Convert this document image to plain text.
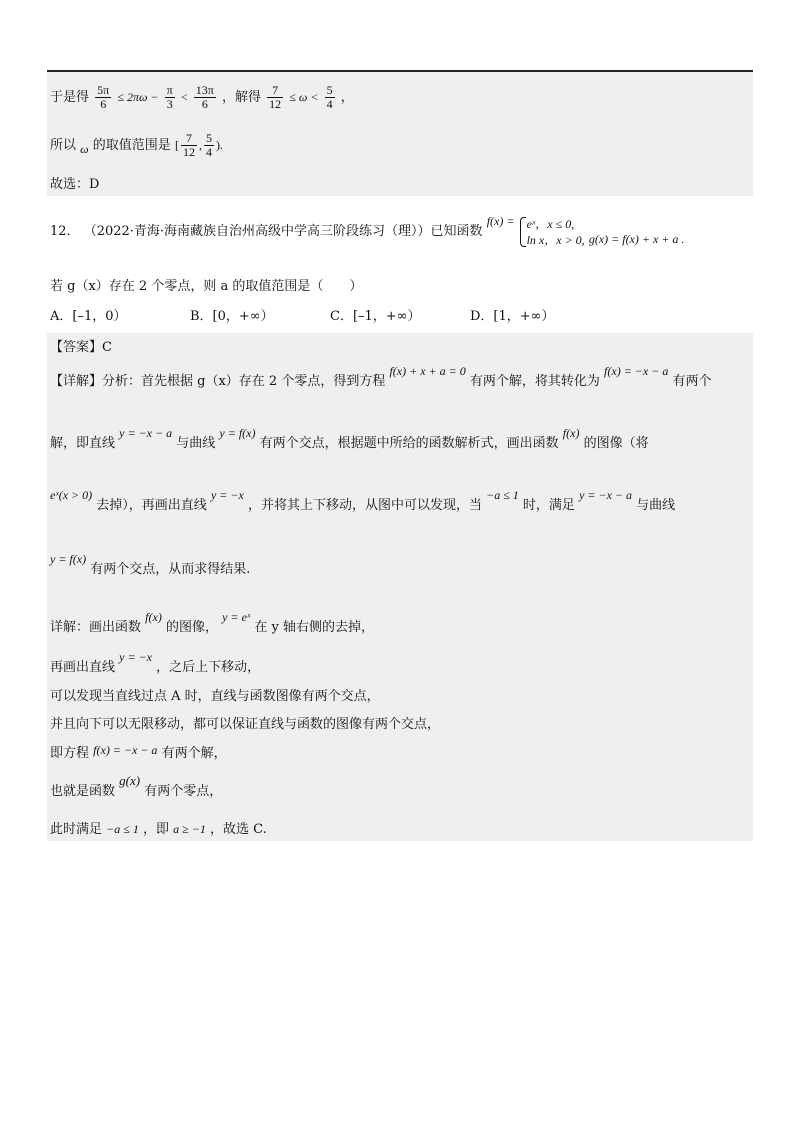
于是得 $\frac{5\pi}{6} \le 2\pi\omega - \frac{\pi}{3} < \frac{13\pi}{6}$ ，解得 $\frac{7}{12} \le \omega < \frac{5}{4}$ ，
所以 ω 的取值范围是 [ $\frac{7}{12}$ , $\frac{5}{4}$ ).
故选：D
12． （2022·青海·海南藏族自治州高级中学高三阶段练习（理））已知函数 f(x) = eˣ，x ≤ 0,
ln x，x > 0, g(x) = f(x) + x + a .
若 g（x）存在 2 个零点，则 a 的取值范围是（　　）
A．[–1，0）	B．[0，+∞）	C．[–1，+∞）	D．[1，+∞）
【答案】C
【详解】分析：首先根据 g（x）存在 2 个零点，得到方程 f(x) + x + a = 0 有两个解，将其转化为 f(x) = −x − a 有两个
解，即直线 y = −x − a 与曲线 y = f(x) 有两个交点，根据题中所给的函数解析式，画出函数 f(x) 的图像（将
eˣ(x > 0) 去掉），再画出直线 y = −x ，并将其上下移动，从图中可以发现，当 −a ≤ 1 时，满足 y = −x − a 与曲线
y = f(x) 有两个交点，从而求得结果.
详解：画出函数 f(x) 的图像， y = eˣ 在 y 轴右侧的去掉，
再画出直线 y = −x ，之后上下移动，
可以发现当直线过点 A 时，直线与函数图像有两个交点，
并且向下可以无限移动，都可以保证直线与函数的图像有两个交点，
即方程 f(x) = −x − a 有两个解，
也就是函数 g(x) 有两个零点，
此时满足 −a ≤ 1 ，即 a ≥ −1 ，故选 C.
